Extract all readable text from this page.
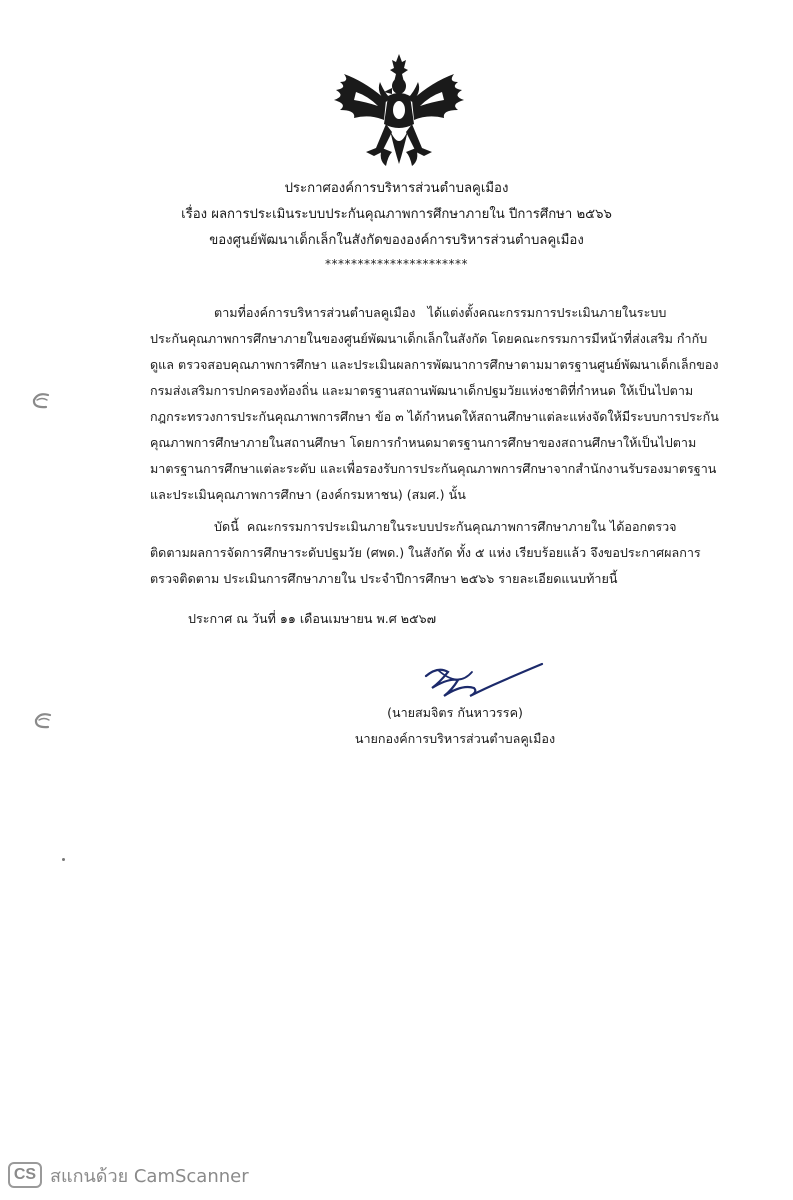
ประกาศองค์การบริหารส่วนตำบลคูเมือง
เรื่อง ผลการประเมินระบบประกันคุณภาพการศึกษาภายใน ปีการศึกษา ๒๕๖๖
ของศูนย์พัฒนาเด็กเล็กในสังกัดขององค์การบริหารส่วนตำบลคูเมือง
**********************
ตามที่องค์การบริหารส่วนตำบลคูเมือง   ได้แต่งตั้งคณะกรรมการประเมินภายในระบบ
ประกันคุณภาพการศึกษาภายในของศูนย์พัฒนาเด็กเล็กในสังกัด โดยคณะกรรมการมีหน้าที่ส่งเสริม กำกับ
ดูแล ตรวจสอบคุณภาพการศึกษา และประเมินผลการพัฒนาการศึกษาตามมาตรฐานศูนย์พัฒนาเด็กเล็กของ
กรมส่งเสริมการปกครองท้องถิ่น และมาตรฐานสถานพัฒนาเด็กปฐมวัยแห่งชาติที่กำหนด ให้เป็นไปตาม
กฎกระทรวงการประกันคุณภาพการศึกษา ข้อ ๓ ได้กำหนดให้สถานศึกษาแต่ละแห่งจัดให้มีระบบการประกัน
คุณภาพการศึกษาภายในสถานศึกษา โดยการกำหนดมาตรฐานการศึกษาของสถานศึกษาให้เป็นไปตาม
มาตรฐานการศึกษาแต่ละระดับ และเพื่อรองรับการประกันคุณภาพการศึกษาจากสำนักงานรับรองมาตรฐาน
และประเมินคุณภาพการศึกษา (องค์กรมหาชน) (สมศ.) นั้น
บัดนี้  คณะกรรมการประเมินภายในระบบประกันคุณภาพการศึกษาภายใน ได้ออกตรวจ
ติดตามผลการจัดการศึกษาระดับปฐมวัย (ศพด.) ในสังกัด ทั้ง ๕ แห่ง เรียบร้อยแล้ว จึงขอประกาศผลการ
ตรวจติดตาม ประเมินการศึกษาภายใน ประจำปีการศึกษา ๒๕๖๖ รายละเอียดแนบท้ายนี้
ประกาศ ณ วันที่ ๑๑ เดือนเมษายน พ.ศ ๒๕๖๗
(นายสมจิตร กันหาวรรค)
นายกองค์การบริหารส่วนตำบลคูเมือง
CS สแกนด้วย CamScanner
